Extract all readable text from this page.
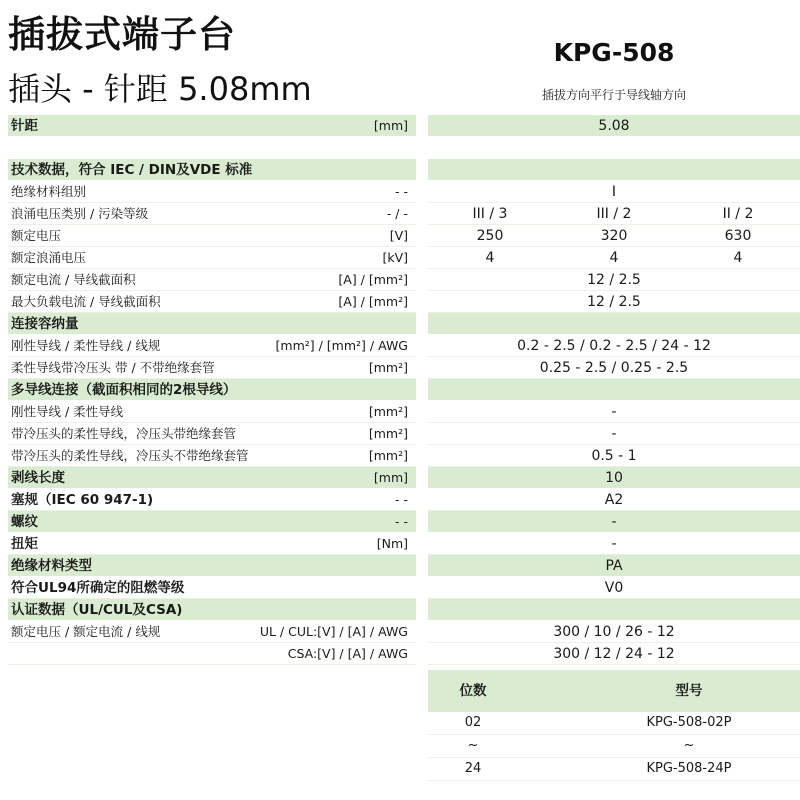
插拔式端子台
插头 - 针距 5.08mm
KPG-508
插拔方向平行于导线轴方向
针距	[mm]	5.08
技术数据，符合 IEC / DIN及VDE 标准
绝缘材料组别	- -	I
浪涌电压类别 / 污染等级	- / -	III / 3	III / 2	II / 2
额定电压	[V]	250	320	630
额定浪涌电压	[kV]	4	4	4
额定电流 / 导线截面积	[A] / [mm²]	12 / 2.5
最大负载电流 / 导线截面积	[A] / [mm²]	12 / 2.5
连接容纳量
刚性导线 / 柔性导线 / 线规	[mm²] / [mm²] / AWG	0.2 - 2.5 / 0.2 - 2.5 / 24 - 12
柔性导线带冷压头 带 / 不带绝缘套管	[mm²]	0.25 - 2.5 / 0.25 - 2.5
多导线连接（截面积相同的2根导线）
刚性导线 / 柔性导线	[mm²]	-
带冷压头的柔性导线，冷压头带绝缘套管	[mm²]	-
带冷压头的柔性导线，冷压头不带绝缘套管	[mm²]	0.5 - 1
剥线长度	[mm]	10
塞规（IEC 60 947-1)	- -	A2
螺纹	- -	-
扭矩	[Nm]	-
绝缘材料类型	PA
符合UL94所确定的阻燃等级	V0
认证数据（UL/CUL及CSA)
额定电压 / 额定电流 / 线规	UL / CUL:[V] / [A] / AWG	300 / 10 / 26 - 12
CSA:[V] / [A] / AWG	300 / 12 / 24 - 12
位数	型号
02	KPG-508-02P
~	~
24	KPG-508-24P
